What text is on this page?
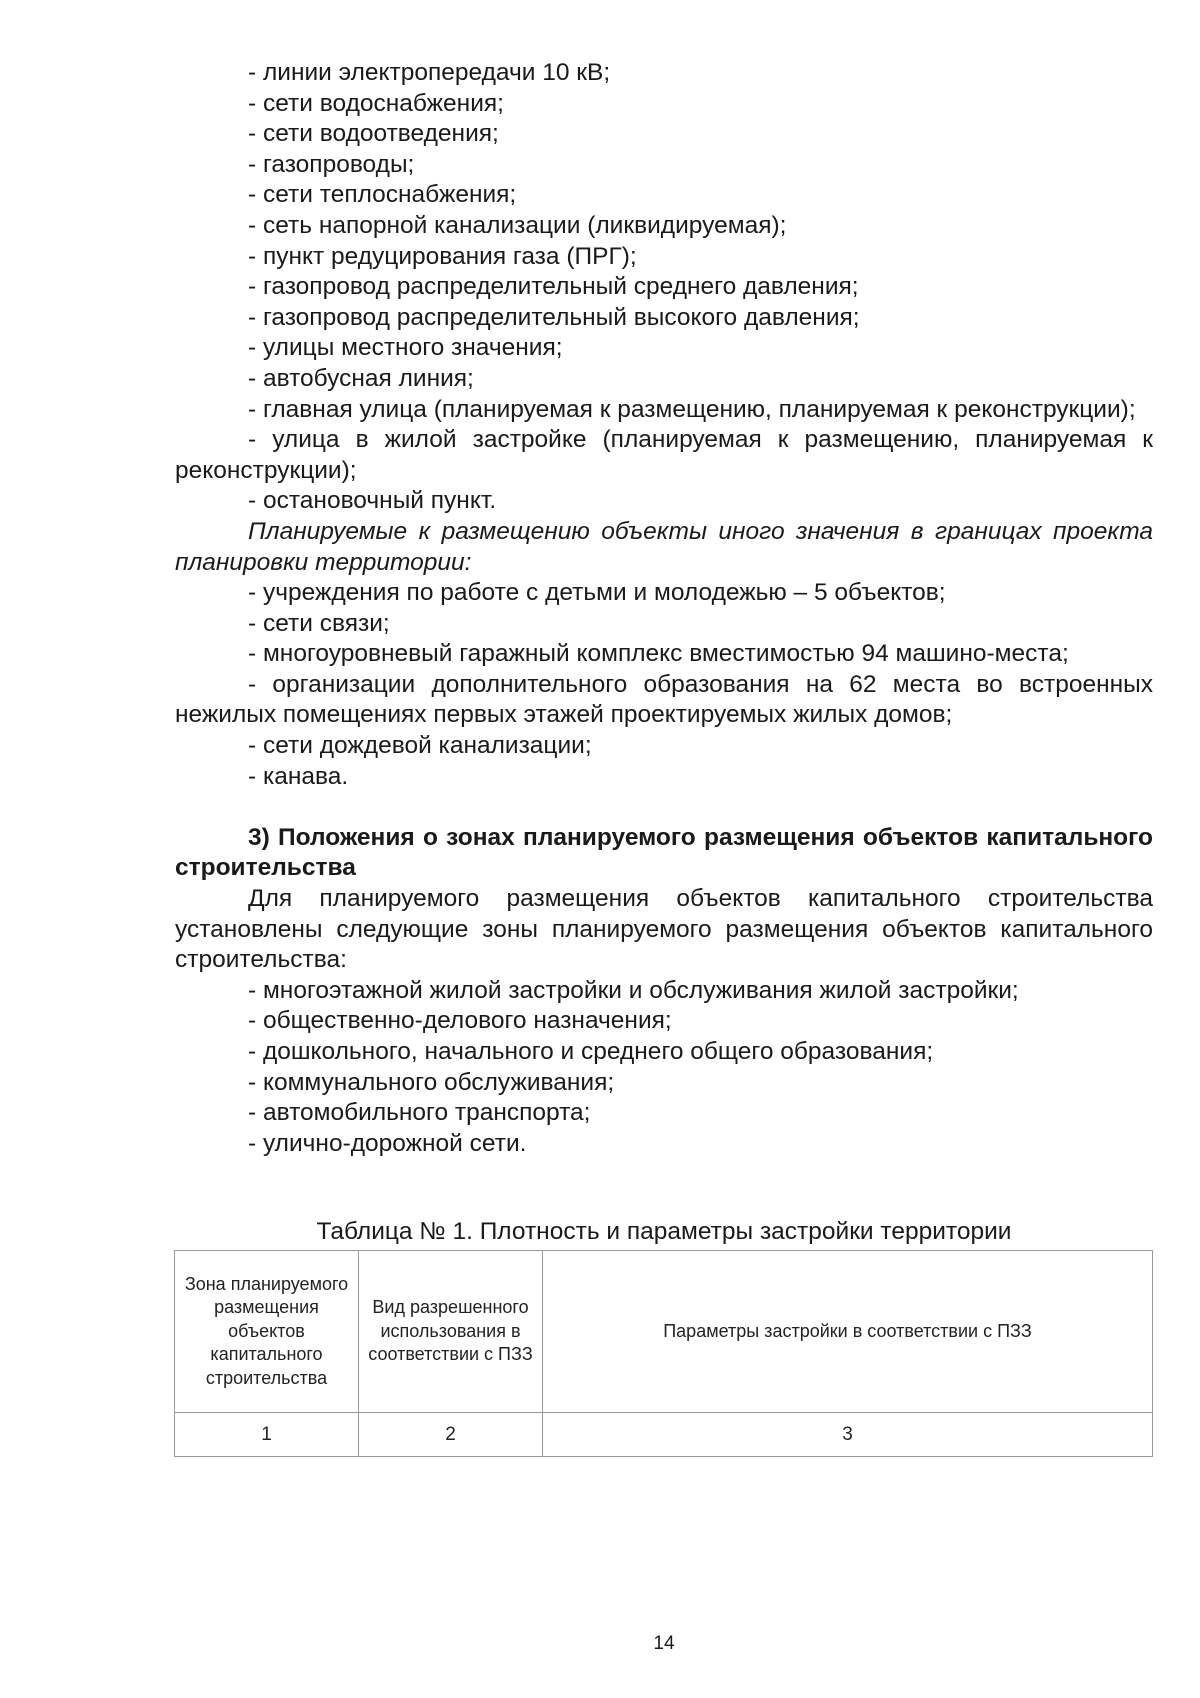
- линии электропередачи 10 кВ;

- сети водоснабжения;

- сети водоотведения;

- газопроводы;

- сети теплоснабжения;

- сеть напорной канализации (ликвидируемая);

- пункт редуцирования газа (ПРГ);

- газопровод распределительный среднего давления;

- газопровод распределительный высокого давления;

- улицы местного значения;

- автобусная линия;

- главная улица (планируемая к размещению, планируемая к реконструкции);

- улица в жилой застройке (планируемая к размещению, планируемая к реконструкции);

- остановочный пункт.

Планируемые к размещению объекты иного значения в границах проекта планировки территории:

- учреждения по работе с детьми и молодежью – 5 объектов;

- сети связи;

- многоуровневый гаражный комплекс вместимостью 94 машино-места;

- организации дополнительного образования на 62 места во встроенных нежилых помещениях первых этажей проектируемых жилых домов;

- сети дождевой канализации;

- канава.

3) Положения о зонах планируемого размещения объектов капитального строительства

Для планируемого размещения объектов капитального строительства установлены следующие зоны планируемого размещения объектов капитального строительства:

- многоэтажной жилой застройки и обслуживания жилой застройки;

- общественно-делового назначения;

- дошкольного, начального и среднего общего образования;

- коммунального обслуживания;

- автомобильного транспорта;

- улично-дорожной сети.

Таблица № 1. Плотность и параметры застройки территории
Зона планируемого размещения объектов капитального строительства	Вид разрешенного использования в соответствии с ПЗЗ	Параметры застройки в соответствии с ПЗЗ
1	2	3
14
